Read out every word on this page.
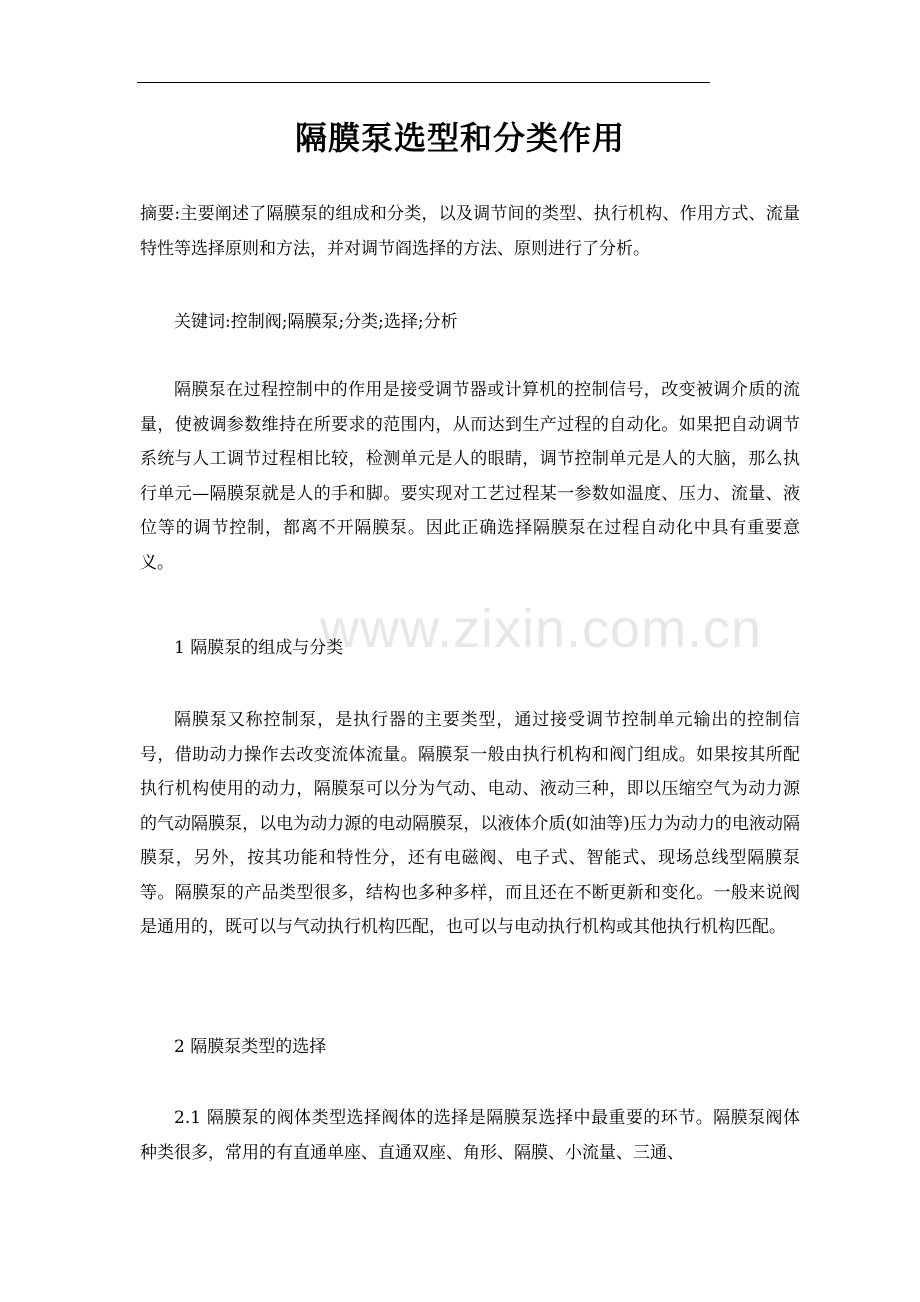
隔膜泵选型和分类作用

摘要:主要阐述了隔膜泵的组成和分类，以及调节间的类型、执行机构、作用方式、流量特性等选择原则和方法，并对调节阎选择的方法、原则进行了分析。

关键词:控制阀;隔膜泵;分类;选择;分析

隔膜泵在过程控制中的作用是接受调节器或计算机的控制信号，改变被调介质的流量，使被调参数维持在所要求的范围内，从而达到生产过程的自动化。如果把自动调节系统与人工调节过程相比较，检测单元是人的眼睛，调节控制单元是人的大脑，那么执行单元—隔膜泵就是人的手和脚。要实现对工艺过程某一参数如温度、压力、流量、液位等的调节控制，都离不开隔膜泵。因此正确选择隔膜泵在过程自动化中具有重要意义。

1 隔膜泵的组成与分类

隔膜泵又称控制泵，是执行器的主要类型，通过接受调节控制单元输出的控制信号，借助动力操作去改变流体流量。隔膜泵一般由执行机构和阀门组成。如果按其所配执行机构使用的动力，隔膜泵可以分为气动、电动、液动三种，即以压缩空气为动力源的气动隔膜泵，以电为动力源的电动隔膜泵，以液体介质(如油等)压力为动力的电液动隔膜泵，另外，按其功能和特性分，还有电磁阀、电子式、智能式、现场总线型隔膜泵等。隔膜泵的产品类型很多，结构也多种多样，而且还在不断更新和变化。一般来说阀是通用的，既可以与气动执行机构匹配，也可以与电动执行机构或其他执行机构匹配。

2 隔膜泵类型的选择

2.1 隔膜泵的阀体类型选择阀体的选择是隔膜泵选择中最重要的环节。隔膜泵阀体种类很多，常用的有直通单座、直通双座、角形、隔膜、小流量、三通、

www.zixin.com.cn
